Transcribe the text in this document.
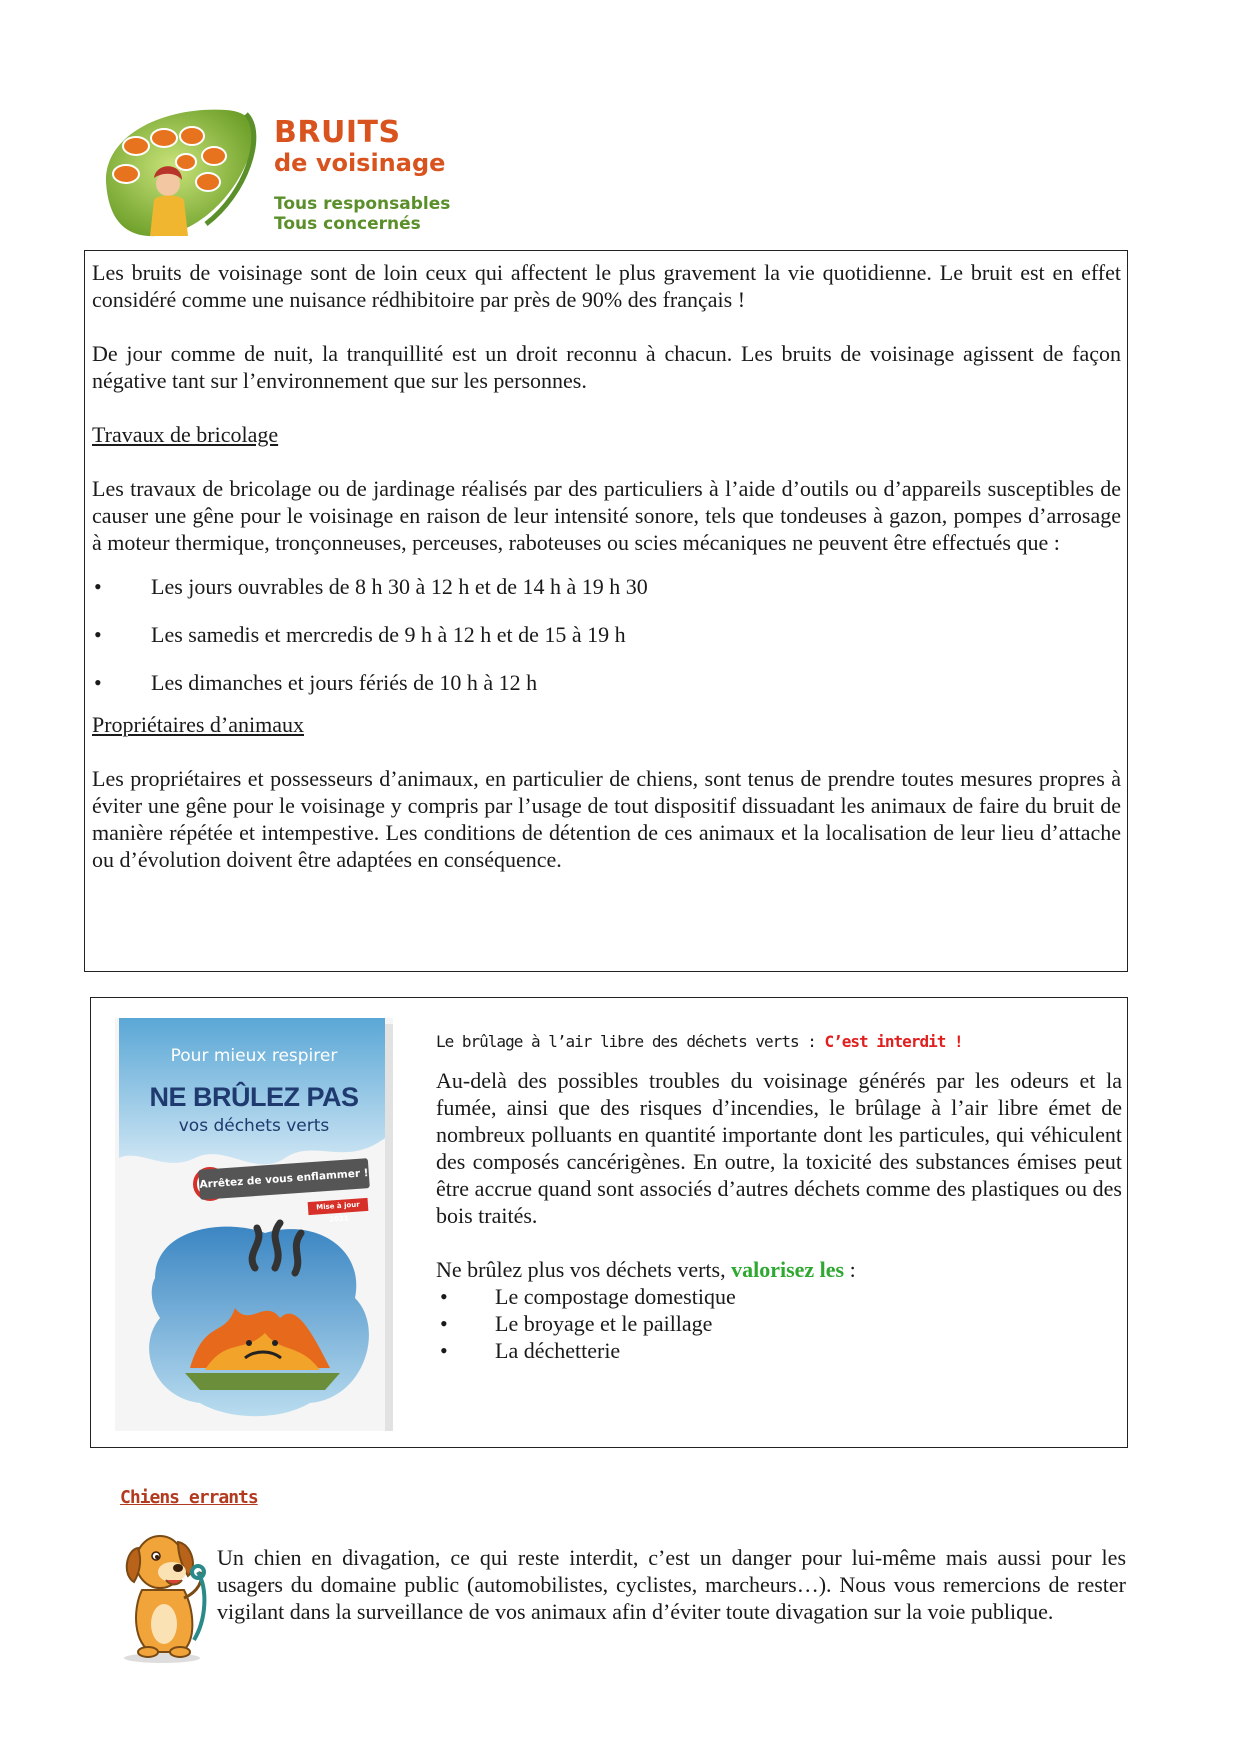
BRUITS
de voisinage
Tous responsables
Tous concernés

Les bruits de voisinage sont de loin ceux qui affectent le plus gravement la vie quotidienne. Le bruit est en effet considéré comme une nuisance rédhibitoire par près de 90% des français !

De jour comme de nuit, la tranquillité est un droit reconnu à chacun. Les bruits de voisinage agissent de façon négative tant sur l’environnement que sur les personnes.

Travaux de bricolage

Les travaux de bricolage ou de jardinage réalisés par des particuliers à l’aide d’outils ou d’appareils susceptibles de causer une gêne pour le voisinage en raison de leur intensité sonore, tels que tondeuses à gazon, pompes d’arrosage à moteur thermique, tronçonneuses, perceuses, raboteuses ou scies mécaniques ne peuvent être effectués que :

• Les jours ouvrables de 8 h 30 à 12 h et de 14 h à 19 h 30
• Les samedis et mercredis de 9 h à 12 h et de 15 à 19 h
• Les dimanches et jours fériés de 10 h à 12 h

Propriétaires d’animaux

Les propriétaires et possesseurs d’animaux, en particulier de chiens, sont tenus de prendre toutes mesures propres à éviter une gêne pour le voisinage y compris par l’usage de tout dispositif dissuadant les animaux de faire du bruit de manière répétée et intempestive. Les conditions de détention de ces animaux et la localisation de leur lieu d’attache ou d’évolution doivent être adaptées en conséquence.

Pour mieux respirer
NE BRÛLEZ PAS
vos déchets verts
Arrêtez de vous enflammer !
Mise à jour 2021

Le brûlage à l’air libre des déchets verts : C’est interdit !

Au-delà des possibles troubles du voisinage générés par les odeurs et la fumée, ainsi que des risques d’incendies, le brûlage à l’air libre émet de nombreux polluants en quantité importante dont les particules, qui véhiculent des composés cancérigènes. En outre, la toxicité des substances émises peut être accrue quand sont associés d’autres déchets comme des plastiques ou des bois traités.

Ne brûlez plus vos déchets verts, valorisez les :

• Le compostage domestique
• Le broyage et le paillage
• La déchetterie
Chiens errants

Un chien en divagation, ce qui reste interdit, c’est un danger pour lui-même mais aussi pour les usagers du domaine public (automobilistes, cyclistes, marcheurs…). Nous vous remercions de rester vigilant dans la surveillance de vos animaux afin d’éviter toute divagation sur la voie publique.
